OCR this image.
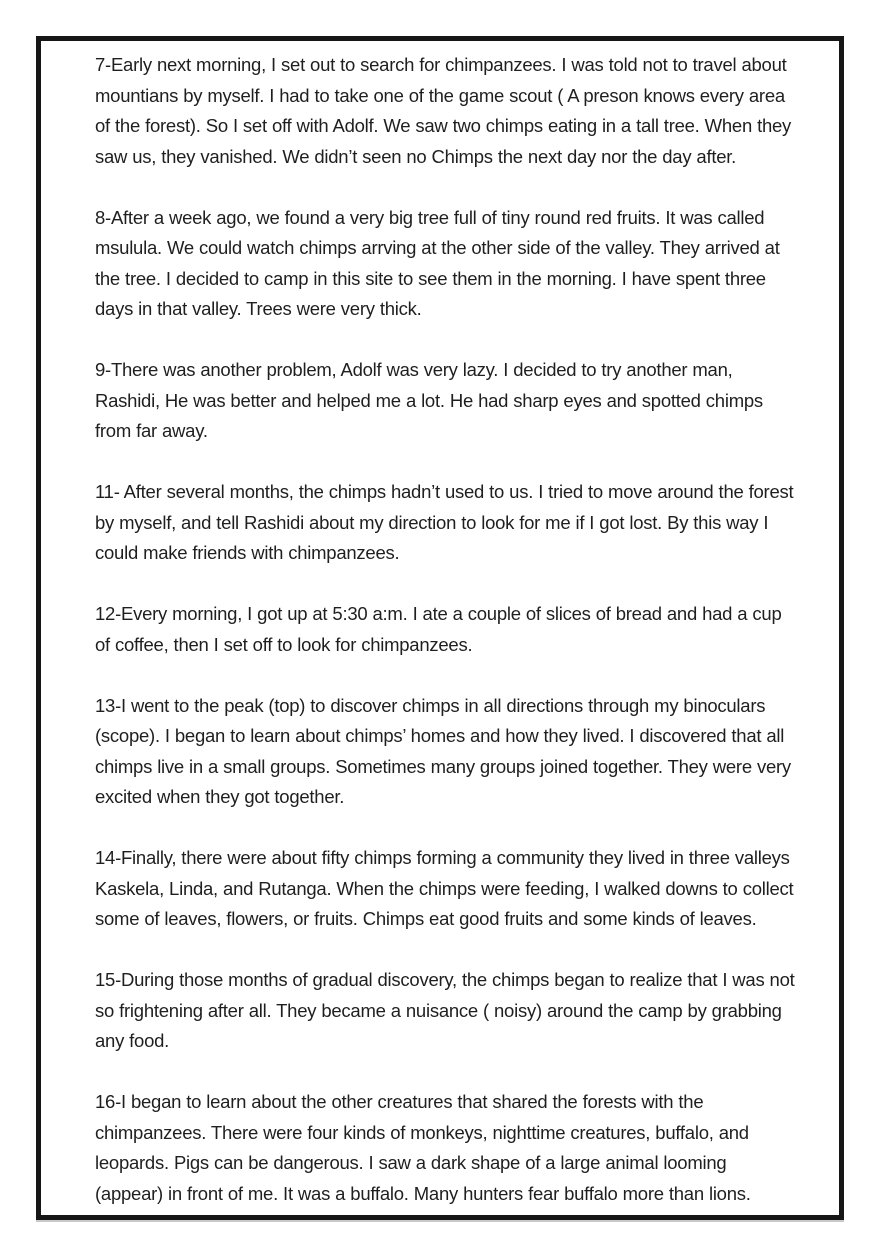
7-Early next morning, I set out to search for chimpanzees. I was told not to travel about mountians by myself. I had to take one of the game scout ( A preson knows every area of the forest). So I set off with Adolf. We saw two chimps eating in a tall tree. When they saw us, they vanished. We didn’t seen no Chimps the next day nor the day after.

8-After a week ago, we found a very big tree full of tiny round red fruits. It was called msulula. We could watch chimps arrving at the other side of the valley. They arrived at the tree. I decided to camp in this site to see them in the morning. I have spent three days in that valley. Trees were very thick.

9-There was another problem, Adolf was very lazy. I decided to try another man, Rashidi, He was better and helped me a lot. He had sharp eyes and spotted chimps from far away.

11- After several months, the chimps hadn’t used to us. I tried to move around the forest by myself, and tell Rashidi about my direction to look for me if I got lost. By this way I could make friends with chimpanzees.

12-Every morning, I got up at 5:30 a:m. I ate a couple of slices of bread and had a cup of coffee, then I set off to look for chimpanzees.

13-I went to the peak (top) to discover chimps in all directions through my binoculars (scope). I began to learn about chimps’ homes and how they lived. I discovered that all chimps live in a small groups. Sometimes many groups joined together. They were very excited when they got together.

14-Finally, there were about fifty chimps forming a community they lived in three valleys Kaskela, Linda, and Rutanga. When the chimps were feeding, I walked downs to collect some of leaves, flowers, or fruits. Chimps eat good fruits and some kinds of leaves.

15-During those months of gradual discovery, the chimps began to realize that I was not so frightening after all. They became a nuisance ( noisy) around the camp by grabbing any food.

16-I began to learn about the other creatures that shared the forests with the chimpanzees. There were four kinds of monkeys, nighttime creatures, buffalo, and leopards. Pigs can be dangerous. I saw a dark shape of a large animal looming (appear) in front of me. It was a buffalo. Many hunters fear buffalo more than lions.
